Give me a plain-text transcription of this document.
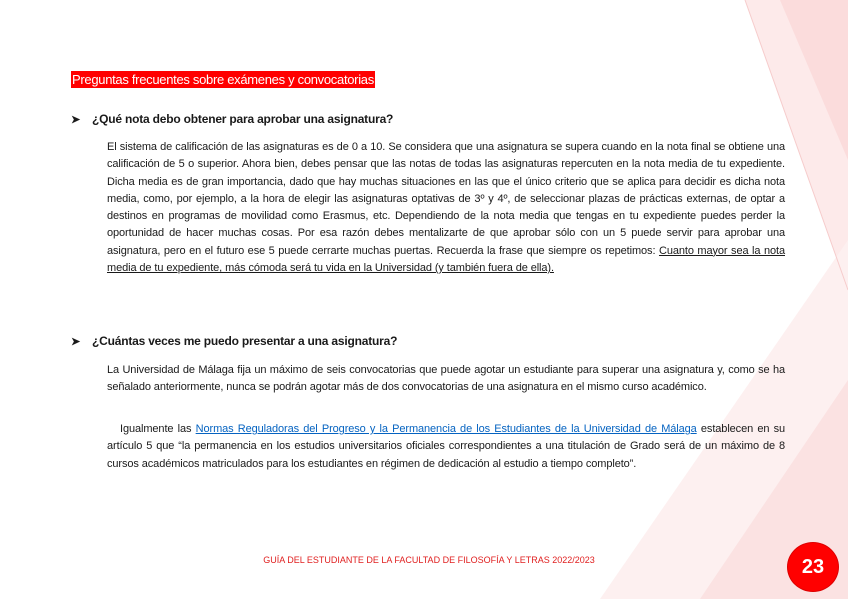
Preguntas frecuentes sobre exámenes y convocatorias
➤ ¿Qué nota debo obtener para aprobar una asignatura?
El sistema de calificación de las asignaturas es de 0 a 10. Se considera que una asignatura se supera cuando en la nota final se obtiene una calificación de 5 o superior. Ahora bien, debes pensar que las notas de todas las asignaturas repercuten en la nota media de tu expediente. Dicha media es de gran importancia, dado que hay muchas situaciones en las que el único criterio que se aplica para decidir es dicha nota media, como, por ejemplo, a la hora de elegir las asignaturas optativas de 3º y 4º, de seleccionar plazas de prácticas externas, de optar a destinos en programas de movilidad como Erasmus, etc. Dependiendo de la nota media que tengas en tu expediente puedes perder la oportunidad de hacer muchas cosas. Por esa razón debes mentalizarte de que aprobar sólo con un 5 puede servir para aprobar una asignatura, pero en el futuro ese 5 puede cerrarte muchas puertas. Recuerda la frase que siempre os repetimos: Cuanto mayor sea la nota media de tu expediente, más cómoda será tu vida en la Universidad (y también fuera de ella).
➤ ¿Cuántas veces me puedo presentar a una asignatura?
La Universidad de Málaga fija un máximo de seis convocatorias que puede agotar un estudiante para superar una asignatura y, como se ha señalado anteriormente, nunca se podrán agotar más de dos convocatorias de una asignatura en el mismo curso académico.
Igualmente las Normas Reguladoras del Progreso y la Permanencia de los Estudiantes de la Universidad de Málaga establecen en su artículo 5 que “la permanencia en los estudios universitarios oficiales correspondientes a una titulación de Grado será de un máximo de 8 cursos académicos matriculados para los estudiantes en régimen de dedicación al estudio a tiempo completo”.
GUÍA DEL ESTUDIANTE DE LA FACULTAD DE FILOSOFÍA Y LETRAS 2022/2023	23
